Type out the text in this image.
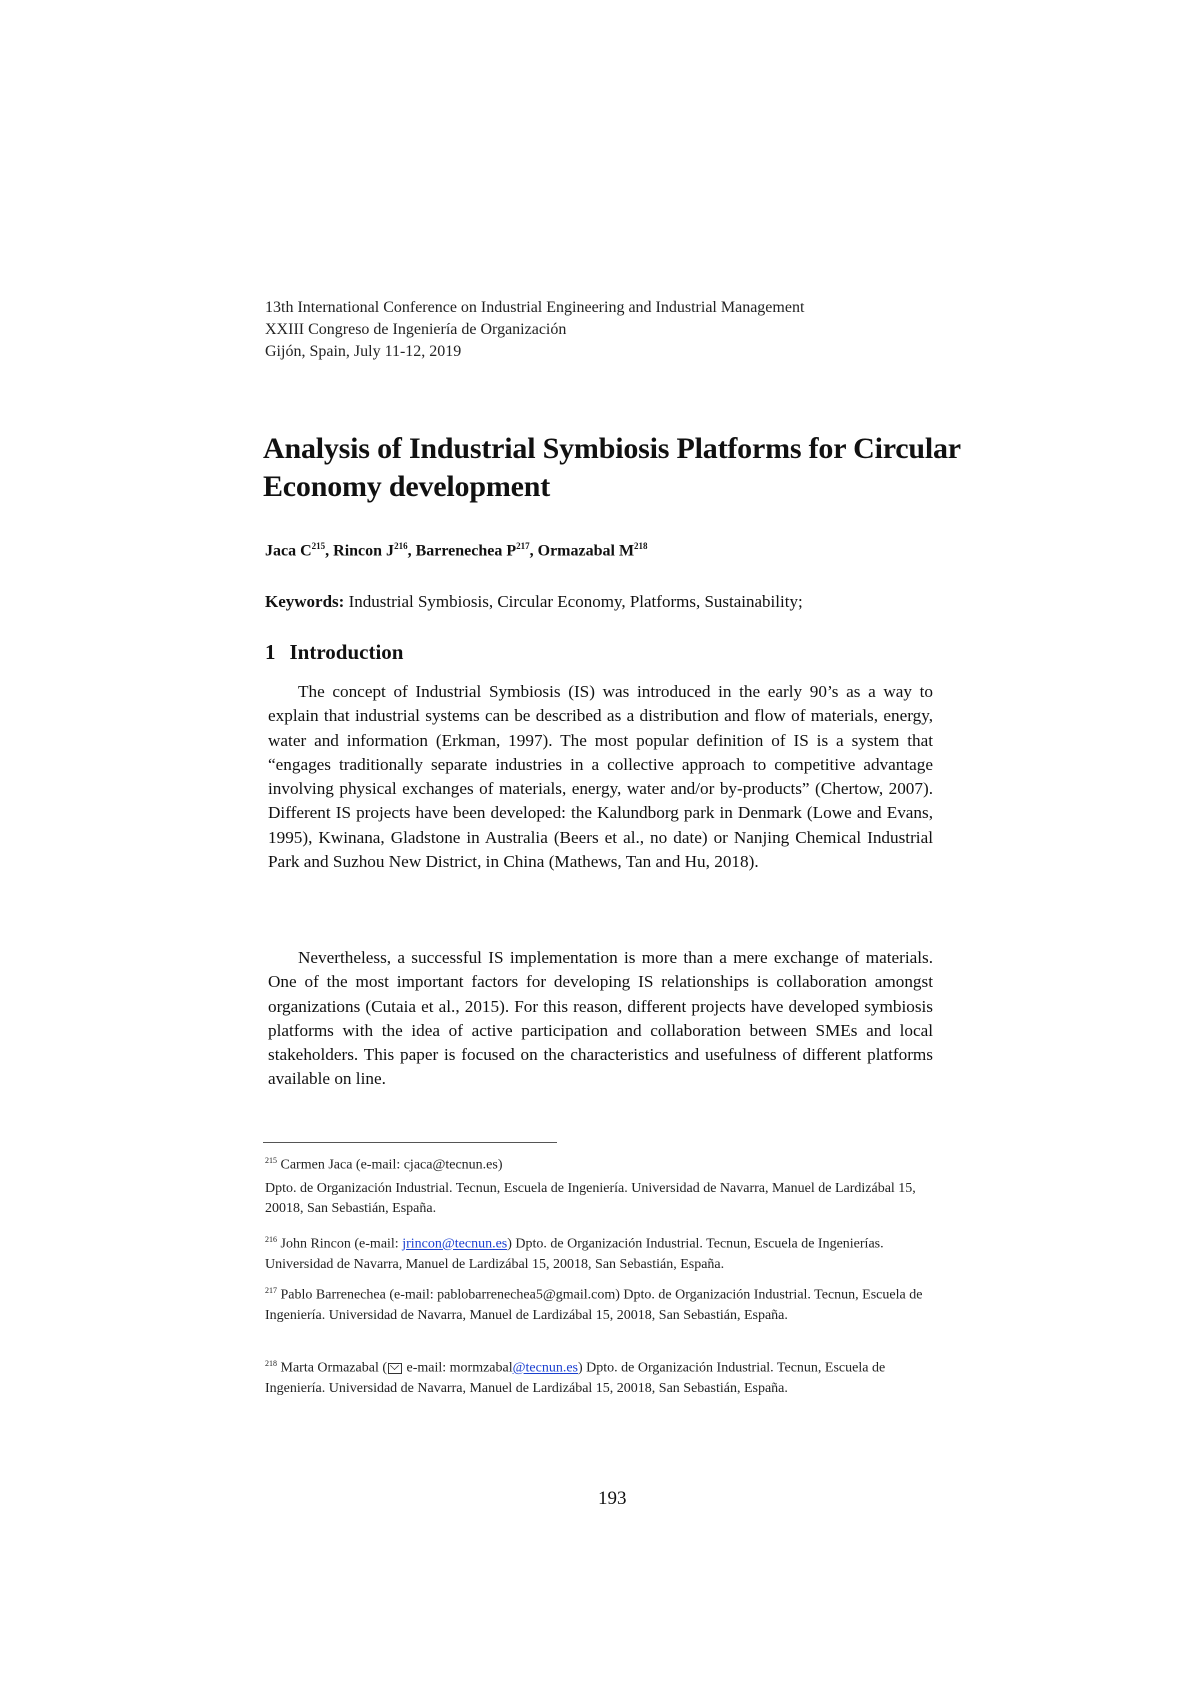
13th International Conference on Industrial Engineering and Industrial Management
XXIII Congreso de Ingeniería de Organización
Gijón, Spain, July 11-12, 2019
Analysis of Industrial Symbiosis Platforms for Circular Economy development
Jaca $C^{215}$, Rincon $J^{216}$, Barrenechea $P^{217}$, Ormazabal $M^{218}$
Keywords: Industrial Symbiosis, Circular Economy, Platforms, Sustainability;
1 Introduction

The concept of Industrial Symbiosis (IS) was introduced in the early 90’s as a way to explain that industrial systems can be described as a distribution and flow of materials, energy, water and information (Erkman, 1997). The most popular definition of IS is a system that “engages traditionally separate industries in a collective approach to competitive advantage involving physical exchanges of materials, energy, water and/or by-products” (Chertow, 2007). Different IS projects have been developed: the Kalundborg park in Denmark (Lowe and Evans, 1995), Kwinana, Gladstone in Australia (Beers et al., no date) or Nanjing Chemical Industrial Park and Suzhou New District, in China (Mathews, Tan and Hu, 2018).

Nevertheless, a successful IS implementation is more than a mere exchange of materials. One of the most important factors for developing IS relationships is collaboration amongst organizations (Cutaia et al., 2015). For this reason, different projects have developed symbiosis platforms with the idea of active participation and collaboration between SMEs and local stakeholders. This paper is focused on the characteristics and usefulness of different platforms available on line.

$^{215}$ Carmen Jaca (e-mail: cjaca@tecnun.es)

Dpto. de Organización Industrial. Tecnun, Escuela de Ingeniería. Universidad de Navarra, Manuel de Lardizábal 15, 20018, San Sebastián, España.

$^{216}$ John Rincon (e-mail: jrincon@tecnun.es) Dpto. de Organización Industrial. Tecnun, Escuela de Ingenierías. Universidad de Navarra, Manuel de Lardizábal 15, 20018, San Sebastián, España.

$^{217}$ Pablo Barrenechea (e-mail: pablobarrenechea5@gmail.com) Dpto. de Organización Industrial. Tecnun, Escuela de Ingeniería. Universidad de Navarra, Manuel de Lardizábal 15, 20018, San Sebastián, España.

$^{218}$ Marta Ormazabal ( e-mail: mormzabal@tecnun.es) Dpto. de Organización Industrial. Tecnun, Escuela de Ingeniería. Universidad de Navarra, Manuel de Lardizábal 15, 20018, San Sebastián, España.

193
